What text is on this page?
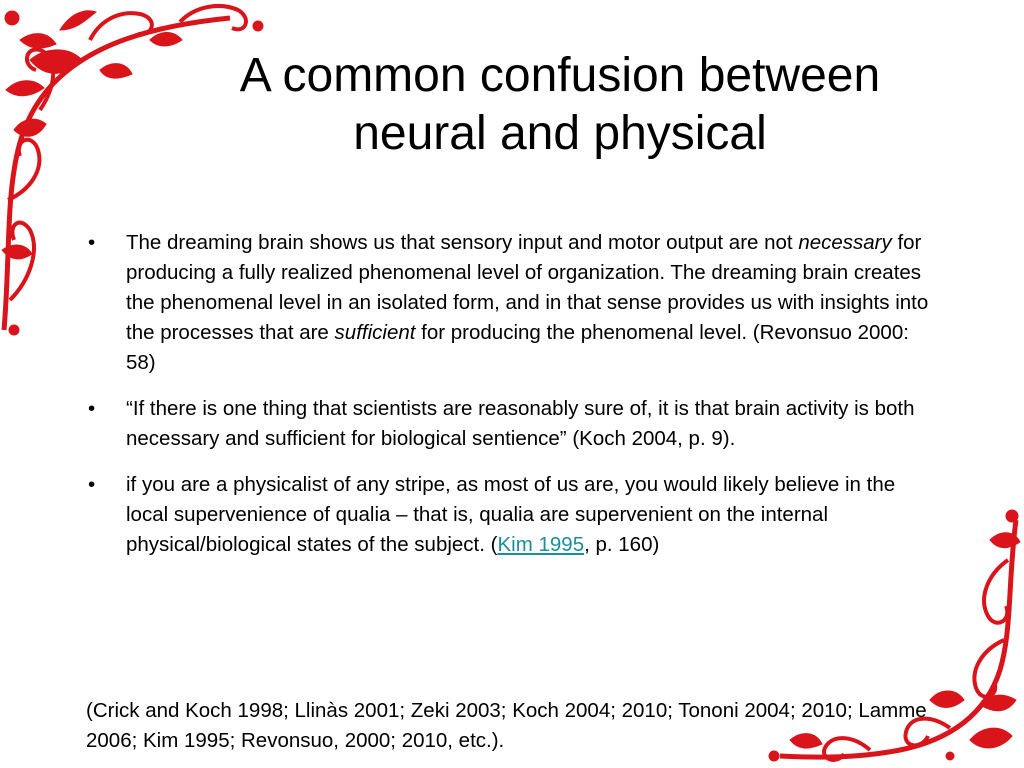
A common confusion between
neural and physical
• The dreaming brain shows us that sensory input and motor output are not necessary for producing a fully realized phenomenal level of organization. The dreaming brain creates the phenomenal level in an isolated form, and in that sense provides us with insights into the processes that are sufficient for producing the phenomenal level. (Revonsuo 2000: 58)

• “If there is one thing that scientists are reasonably sure of, it is that brain activity is both necessary and sufficient for biological sentience” (Koch 2004, p. 9).

• if you are a physicalist of any stripe, as most of us are, you would likely believe in the local supervenience of qualia – that is, qualia are supervenient on the internal physical/biological states of the subject. (Kim 1995, p. 160)

(Crick and Koch 1998; Llinàs 2001; Zeki 2003; Koch 2004; 2010; Tononi 2004; 2010; Lamme 2006; Kim 1995; Revonsuo, 2000; 2010, etc.).
